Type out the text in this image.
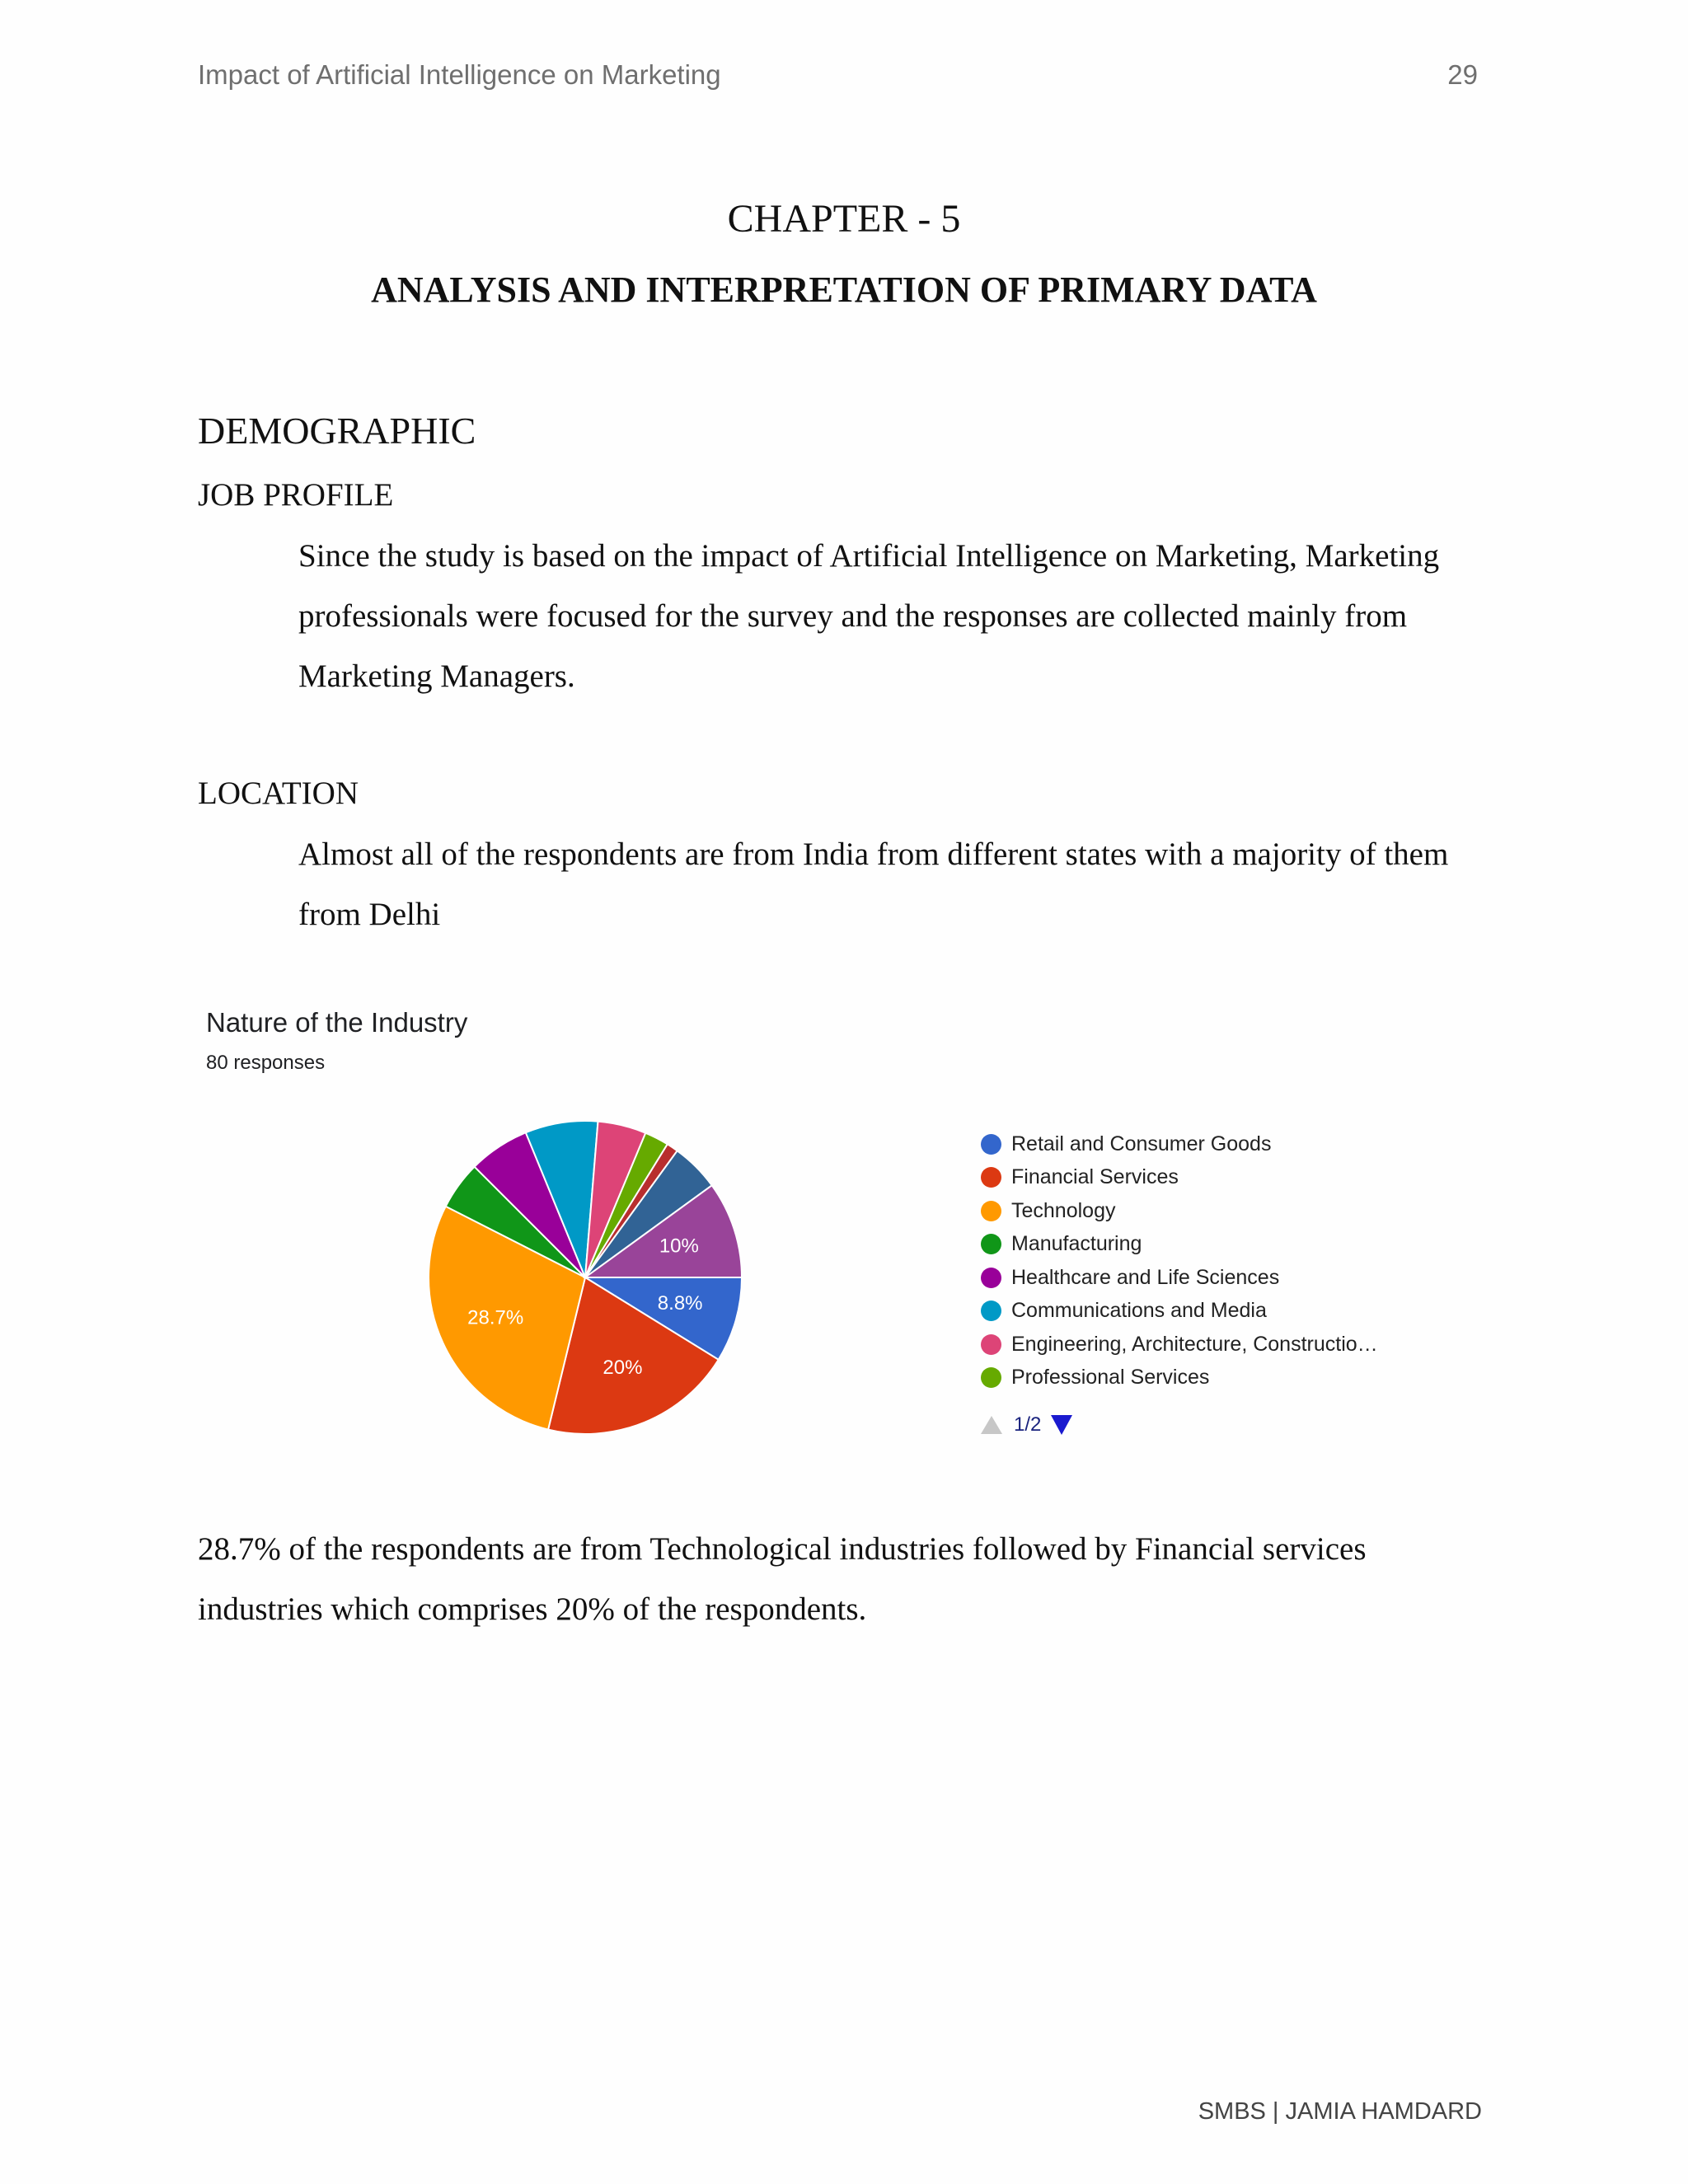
Impact of Artificial Intelligence on Marketing	29
CHAPTER - 5
ANALYSIS AND INTERPRETATION OF PRIMARY DATA
DEMOGRAPHIC
JOB PROFILE
Since the study is based on the impact of Artificial Intelligence on Marketing, Marketing
professionals were focused for the survey and the responses are collected mainly from
Marketing Managers.
LOCATION
Almost all of the respondents are from India from different states with a majority of them
from Delhi
Nature of the Industry
80 responses
8.8%
20%
28.7%
10%
Retail and Consumer Goods
Financial Services
Technology
Manufacturing
Healthcare and Life Sciences
Communications and Media
Engineering, Architecture, Constructio…
Professional Services
1/2
28.7% of the respondents are from Technological industries followed by Financial services
industries which comprises 20% of the respondents.
SMBS | JAMIA HAMDARD
